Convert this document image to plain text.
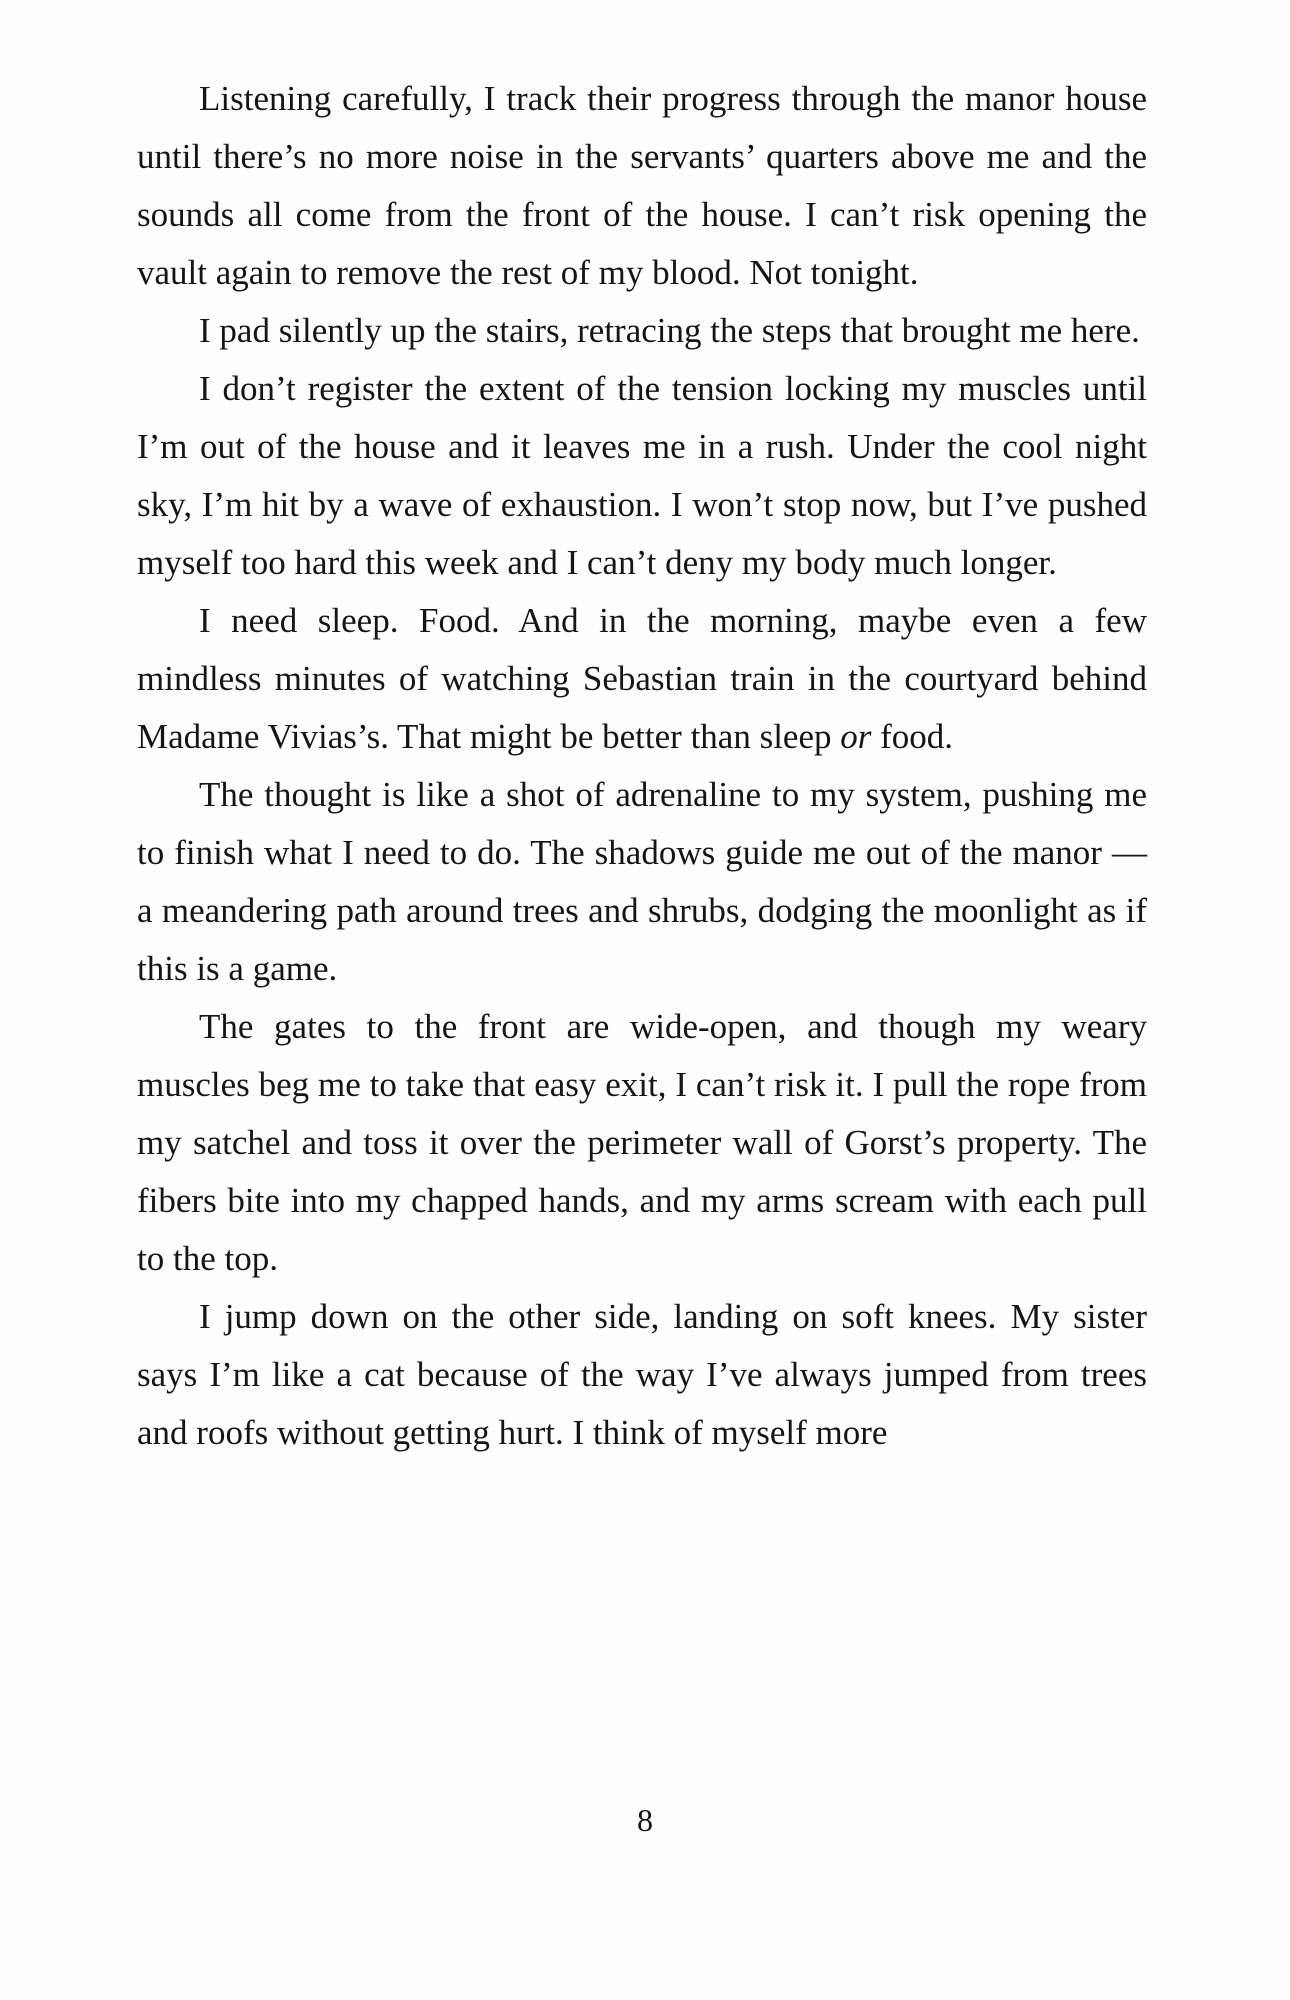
Listening carefully, I track their progress through the manor house until there’s no more noise in the servants’ quarters above me and the sounds all come from the front of the house. I can’t risk opening the vault again to remove the rest of my blood. Not tonight.

I pad silently up the stairs, retracing the steps that brought me here.

I don’t register the extent of the tension locking my muscles until I’m out of the house and it leaves me in a rush. Under the cool night sky, I’m hit by a wave of exhaustion. I won’t stop now, but I’ve pushed myself too hard this week and I can’t deny my body much longer.

I need sleep. Food. And in the morning, maybe even a few mindless minutes of watching Sebastian train in the courtyard behind Madame Vivias’s. That might be better than sleep or food.

The thought is like a shot of adrenaline to my system, pushing me to finish what I need to do. The shadows guide me out of the manor — a meandering path around trees and shrubs, dodging the moonlight as if this is a game.

The gates to the front are wide-open, and though my weary muscles beg me to take that easy exit, I can’t risk it. I pull the rope from my satchel and toss it over the perimeter wall of Gorst’s property. The fibers bite into my chapped hands, and my arms scream with each pull to the top.

I jump down on the other side, landing on soft knees. My sister says I’m like a cat because of the way I’ve always jumped from trees and roofs without getting hurt. I think of myself more

8
